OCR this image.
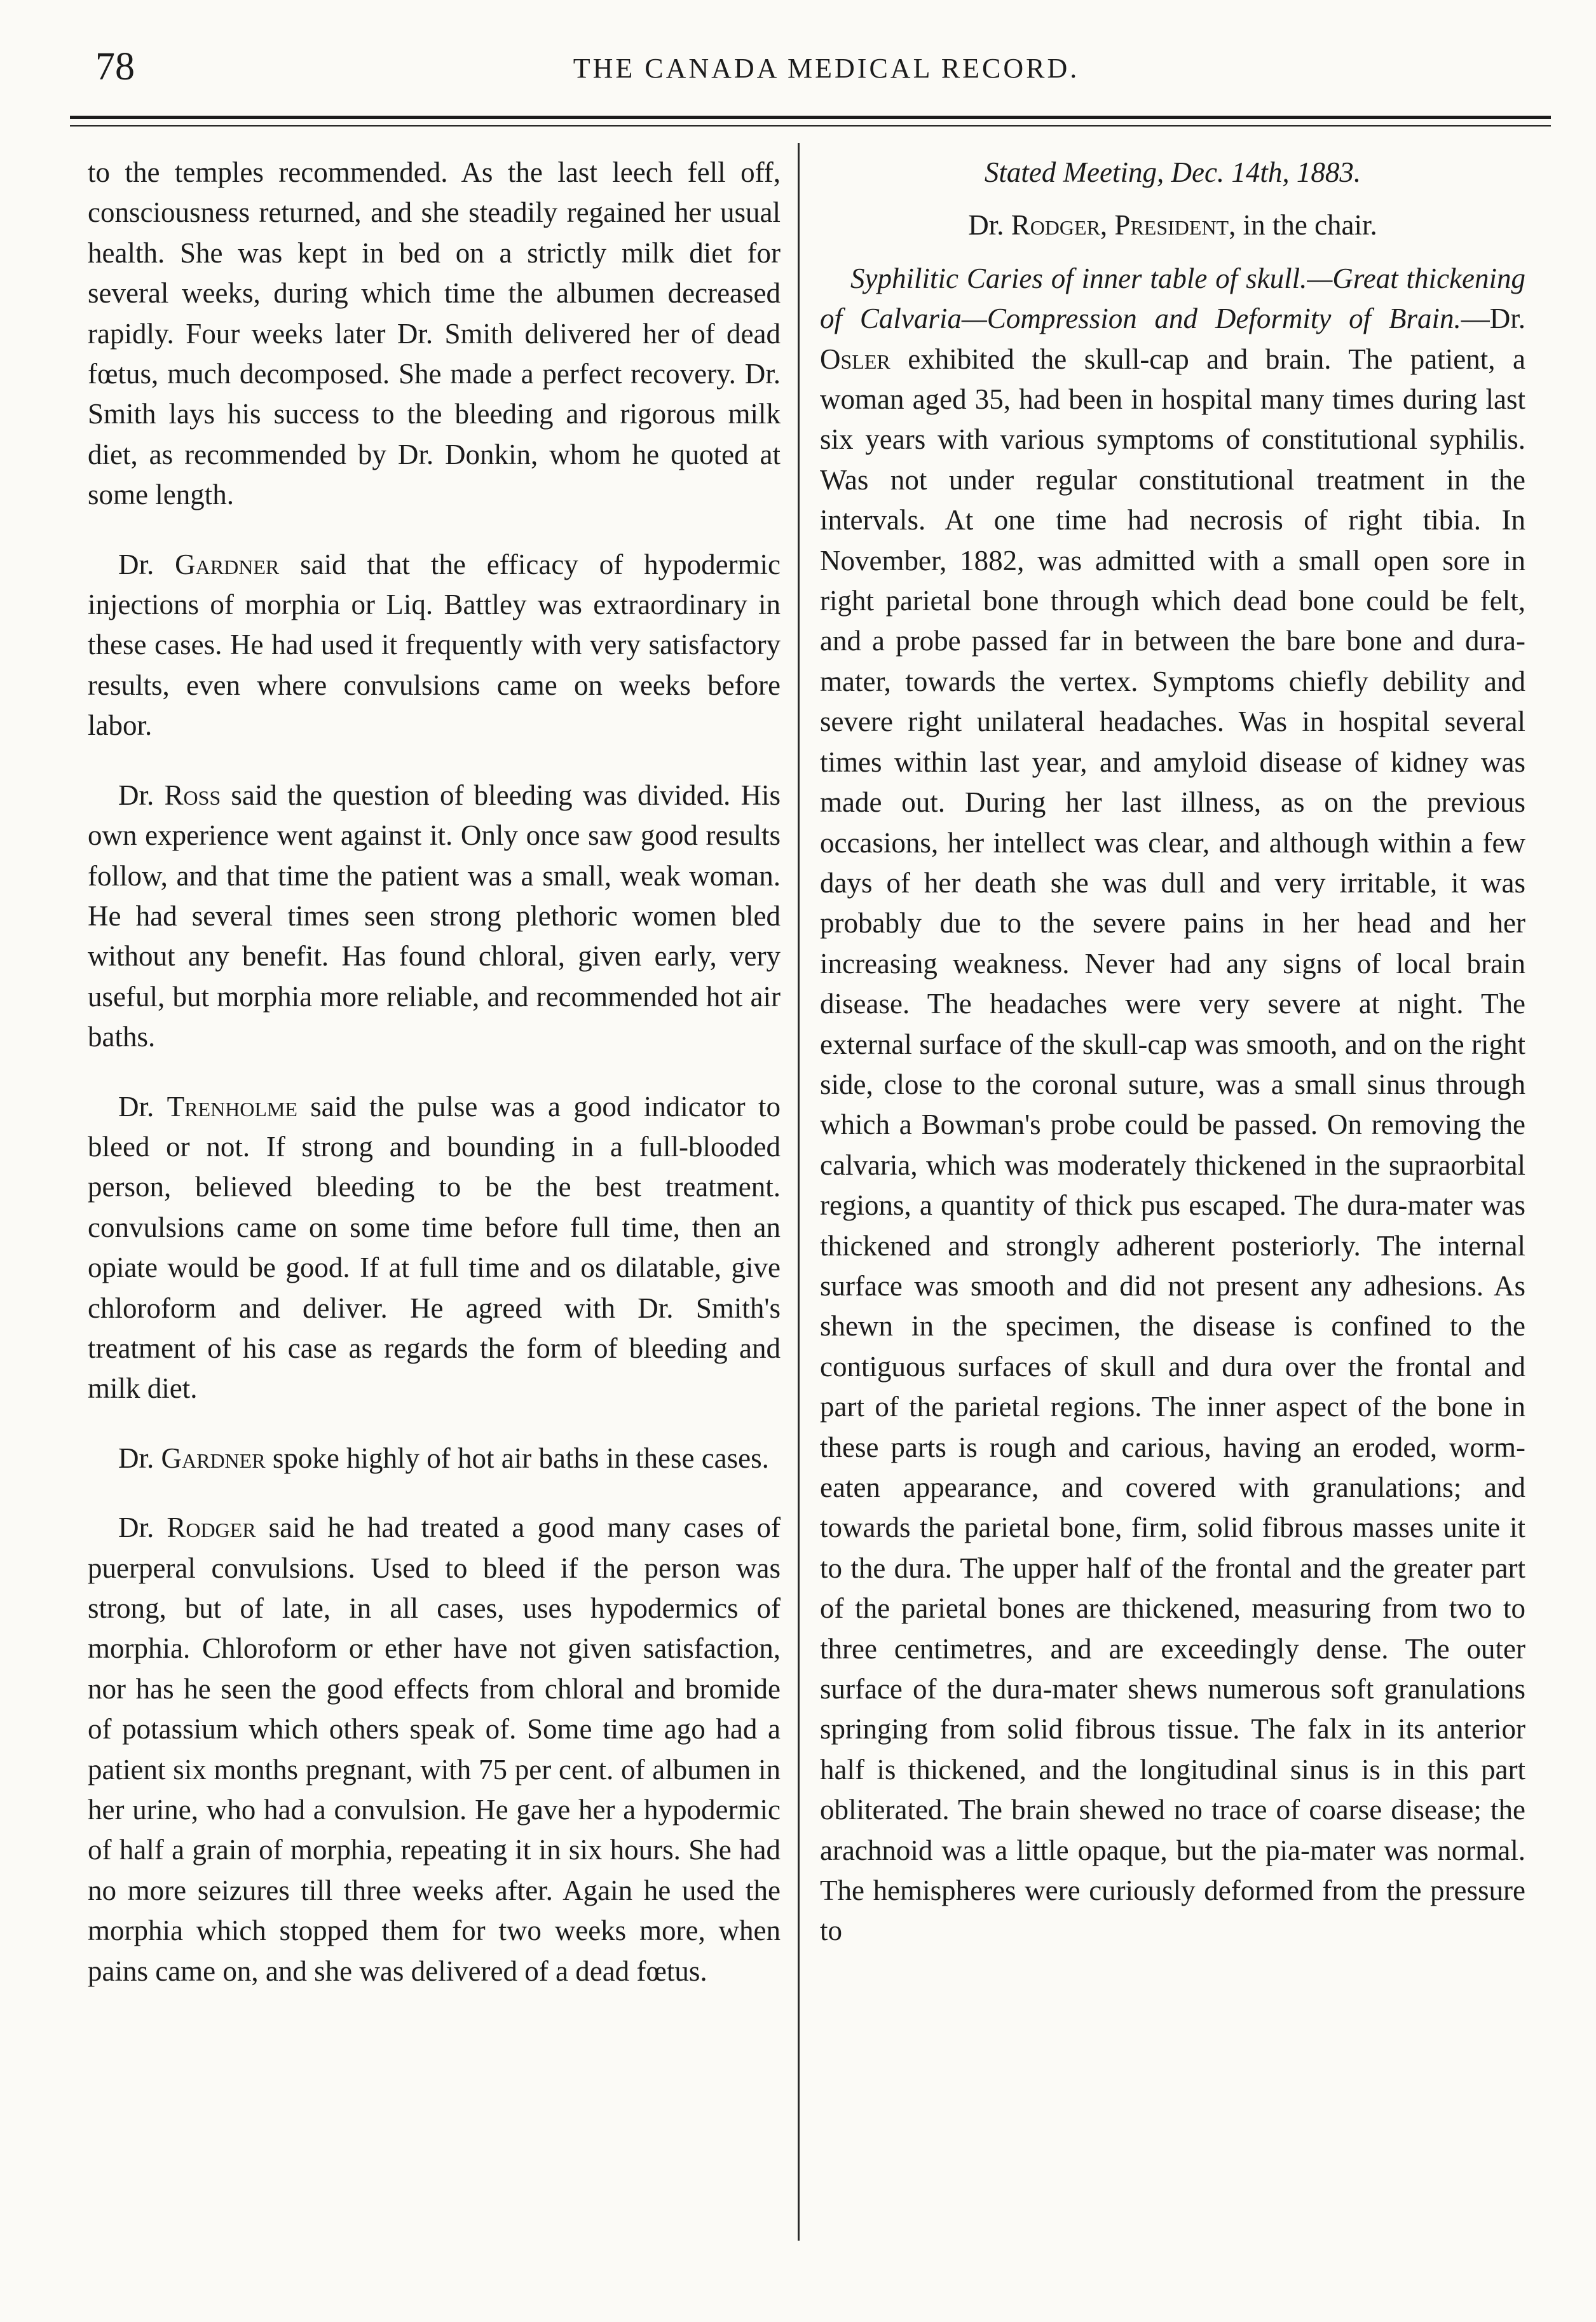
78	THE CANADA MEDICAL RECORD.

to the temples recommended. As the last leech fell off, consciousness returned, and she steadily regained her usual health. She was kept in bed on a strictly milk diet for several weeks, during which time the albumen decreased rapidly. Four weeks later Dr. Smith delivered her of dead fœtus, much decomposed. She made a perfect recovery. Dr. Smith lays his success to the bleeding and rigorous milk diet, as recommended by Dr. Donkin, whom he quoted at some length.

Dr. Gardner said that the efficacy of hypodermic injections of morphia or Liq. Battley was extraordinary in these cases. He had used it frequently with very satisfactory results, even where convulsions came on weeks before labor.

Dr. Ross said the question of bleeding was divided. His own experience went against it. Only once saw good results follow, and that time the patient was a small, weak woman. He had several times seen strong plethoric women bled without any benefit. Has found chloral, given early, very useful, but morphia more reliable, and recommended hot air baths.

Dr. Trenholme said the pulse was a good indicator to bleed or not. If strong and bounding in a full-blooded person, believed bleeding to be the best treatment. convulsions came on some time before full time, then an opiate would be good. If at full time and os dilatable, give chloroform and deliver. He agreed with Dr. Smith's treatment of his case as regards the form of bleeding and milk diet.

Dr. Gardner spoke highly of hot air baths in these cases.

Dr. Rodger said he had treated a good many cases of puerperal convulsions. Used to bleed if the person was strong, but of late, in all cases, uses hypodermics of morphia. Chloroform or ether have not given satisfaction, nor has he seen the good effects from chloral and bromide of potassium which others speak of. Some time ago had a patient six months pregnant, with 75 per cent. of albumen in her urine, who had a convulsion. He gave her a hypodermic of half a grain of morphia, repeating it in six hours. She had no more seizures till three weeks after. Again he used the morphia which stopped them for two weeks more, when pains came on, and she was delivered of a dead fœtus.

Stated Meeting, Dec. 14th, 1883.

Dr. Rodger, President, in the chair.

Syphilitic Caries of inner table of skull.—Great thickening of Calvaria—Compression and Deformity of Brain.—Dr. Osler exhibited the skull-cap and brain. The patient, a woman aged 35, had been in hospital many times during last six years with various symptoms of constitutional syphilis. Was not under regular constitutional treatment in the intervals. At one time had necrosis of right tibia. In November, 1882, was admitted with a small open sore in right parietal bone through which dead bone could be felt, and a probe passed far in between the bare bone and dura-mater, towards the vertex. Symptoms chiefly debility and severe right unilateral headaches. Was in hospital several times within last year, and amyloid disease of kidney was made out. During her last illness, as on the previous occasions, her intellect was clear, and although within a few days of her death she was dull and very irritable, it was probably due to the severe pains in her head and her increasing weakness. Never had any signs of local brain disease. The headaches were very severe at night. The external surface of the skull-cap was smooth, and on the right side, close to the coronal suture, was a small sinus through which a Bowman's probe could be passed. On removing the calvaria, which was moderately thickened in the supraorbital regions, a quantity of thick pus escaped. The dura-mater was thickened and strongly adherent posteriorly. The internal surface was smooth and did not present any adhesions. As shewn in the specimen, the disease is confined to the contiguous surfaces of skull and dura over the frontal and part of the parietal regions. The inner aspect of the bone in these parts is rough and carious, having an eroded, worm-eaten appearance, and covered with granulations; and towards the parietal bone, firm, solid fibrous masses unite it to the dura. The upper half of the frontal and the greater part of the parietal bones are thickened, measuring from two to three centimetres, and are exceedingly dense. The outer surface of the dura-mater shews numerous soft granulations springing from solid fibrous tissue. The falx in its anterior half is thickened, and the longitudinal sinus is in this part obliterated. The brain shewed no trace of coarse disease; the arachnoid was a little opaque, but the pia-mater was normal. The hemispheres were curiously deformed from the pressure to
